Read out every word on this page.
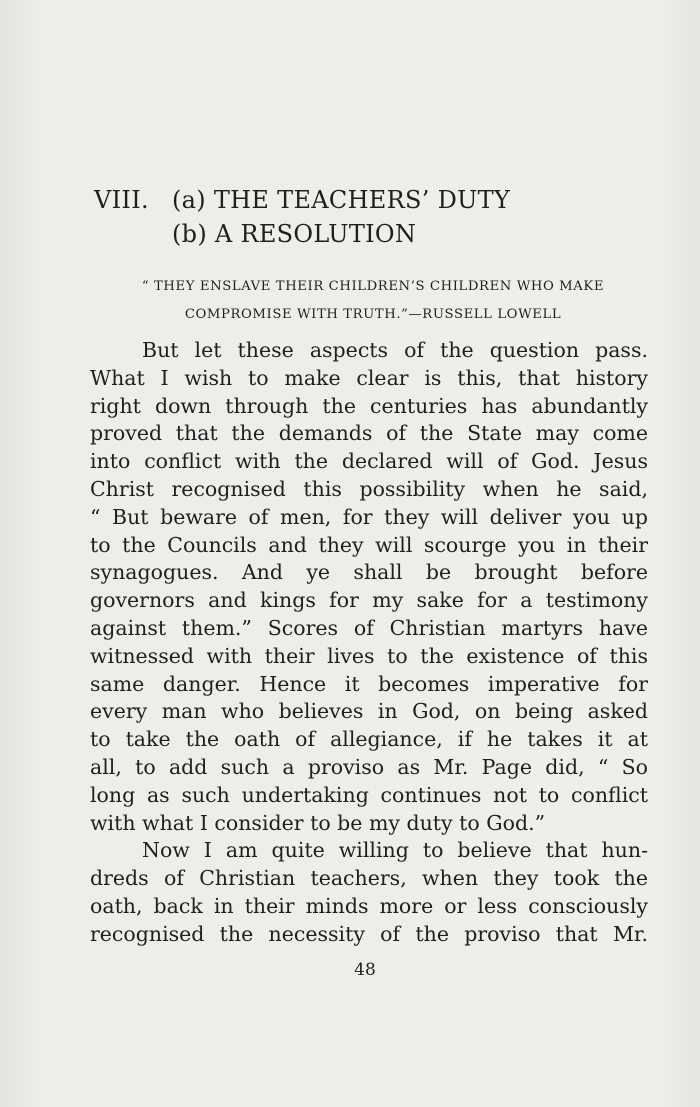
VIII. (a) THE TEACHERS’ DUTY
(b) A RESOLUTION
“ THEY ENSLAVE THEIR CHILDREN’S CHILDREN WHO MAKE
COMPROMISE WITH TRUTH.”—RUSSELL LOWELL
But let these aspects of the question pass.
What I wish to make clear is this, that history
right down through the centuries has abundantly
proved that the demands of the State may come
into conflict with the declared will of God. Jesus
Christ recognised this possibility when he said,
“ But beware of men, for they will deliver you up
to the Councils and they will scourge you in their
synagogues. And ye shall be brought before
governors and kings for my sake for a testimony
against them.” Scores of Christian martyrs have
witnessed with their lives to the existence of this
same danger. Hence it becomes imperative for
every man who believes in God, on being asked
to take the oath of allegiance, if he takes it at
all, to add such a proviso as Mr. Page did, “ So
long as such undertaking continues not to conflict
with what I consider to be my duty to God.”
Now I am quite willing to believe that hun-
dreds of Christian teachers, when they took the
oath, back in their minds more or less consciously
recognised the necessity of the proviso that Mr.
48
